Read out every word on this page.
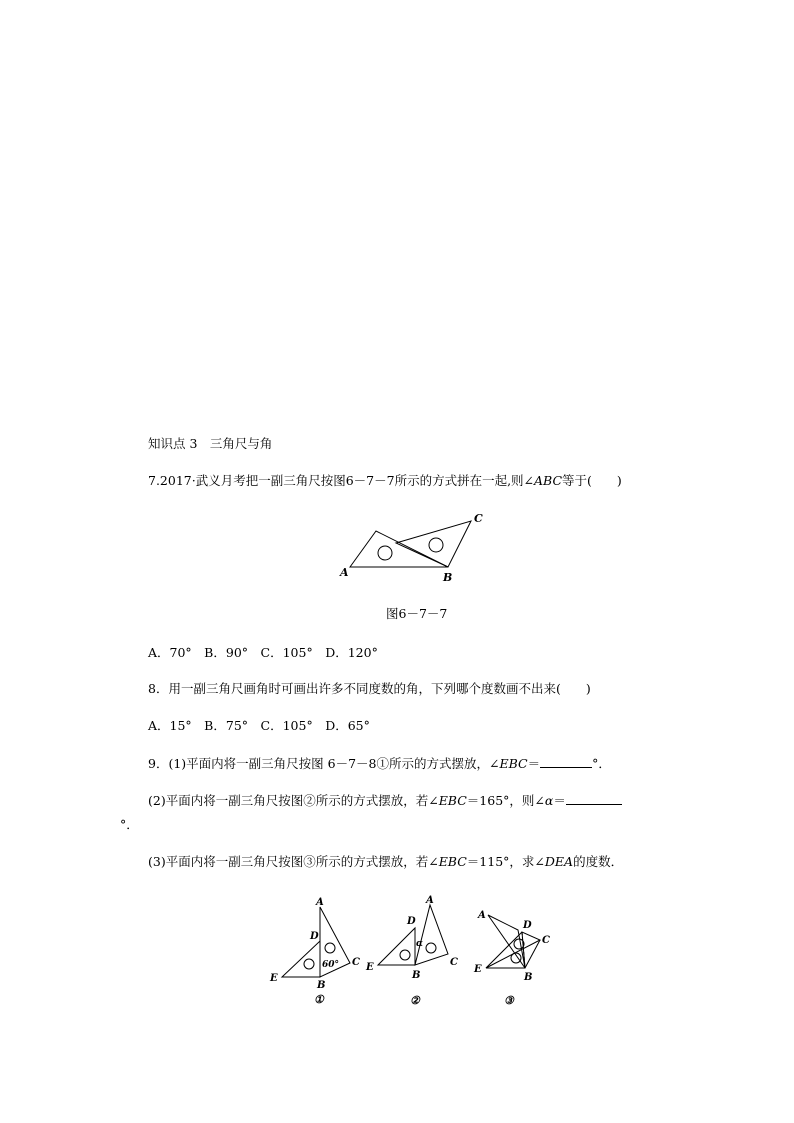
知识点 3　三角尺与角
7.2017·武义月考把一副三角尺按图6－7－7所示的方式拼在一起,则∠ABC等于(　　)
A	B
C
图6－7－7
A．70°　B．90°　C．105°　D．120°
8．用一副三角尺画角时可画出许多不同度数的角，下列哪个度数画不出来(　　)
A．15°　B．75°　C．105°　D．65°
9．(1)平面内将一副三角尺按图 6－7－8①所示的方式摆放，∠EBC＝	°．
(2)平面内将一副三角尺按图②所示的方式摆放，若∠EBC＝165°，则∠α＝
°．
(3)平面内将一副三角尺按图③所示的方式摆放，若∠EBC＝115°，求∠DEA的度数．
A
D
E
B
C
60°
①
A
D
E
B
C
α
②
A
D
E
B
C
③
